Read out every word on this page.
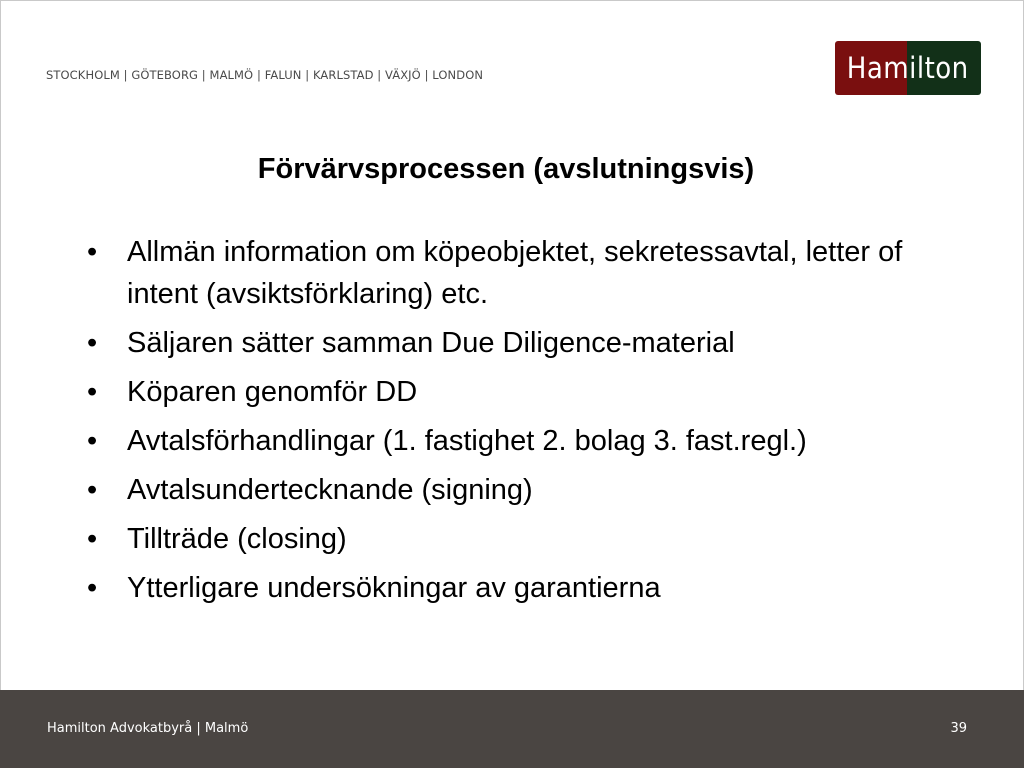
STOCKHOLM | GÖTEBORG | MALMÖ | FALUN | KARLSTAD | VÄXJÖ | LONDON	Hamilton
Förvärvsprocessen (avslutningsvis)
• Allmän information om köpeobjektet, sekretessavtal, letter of intent (avsiktsförklaring) etc.
• Säljaren sätter samman Due Diligence-material
• Köparen genomför DD
• Avtalsförhandlingar (1. fastighet 2. bolag 3. fast.regl.)
• Avtalsundertecknande (signing)
• Tillträde (closing)
• Ytterligare undersökningar av garantierna
Hamilton Advokatbyrå | Malmö	39
